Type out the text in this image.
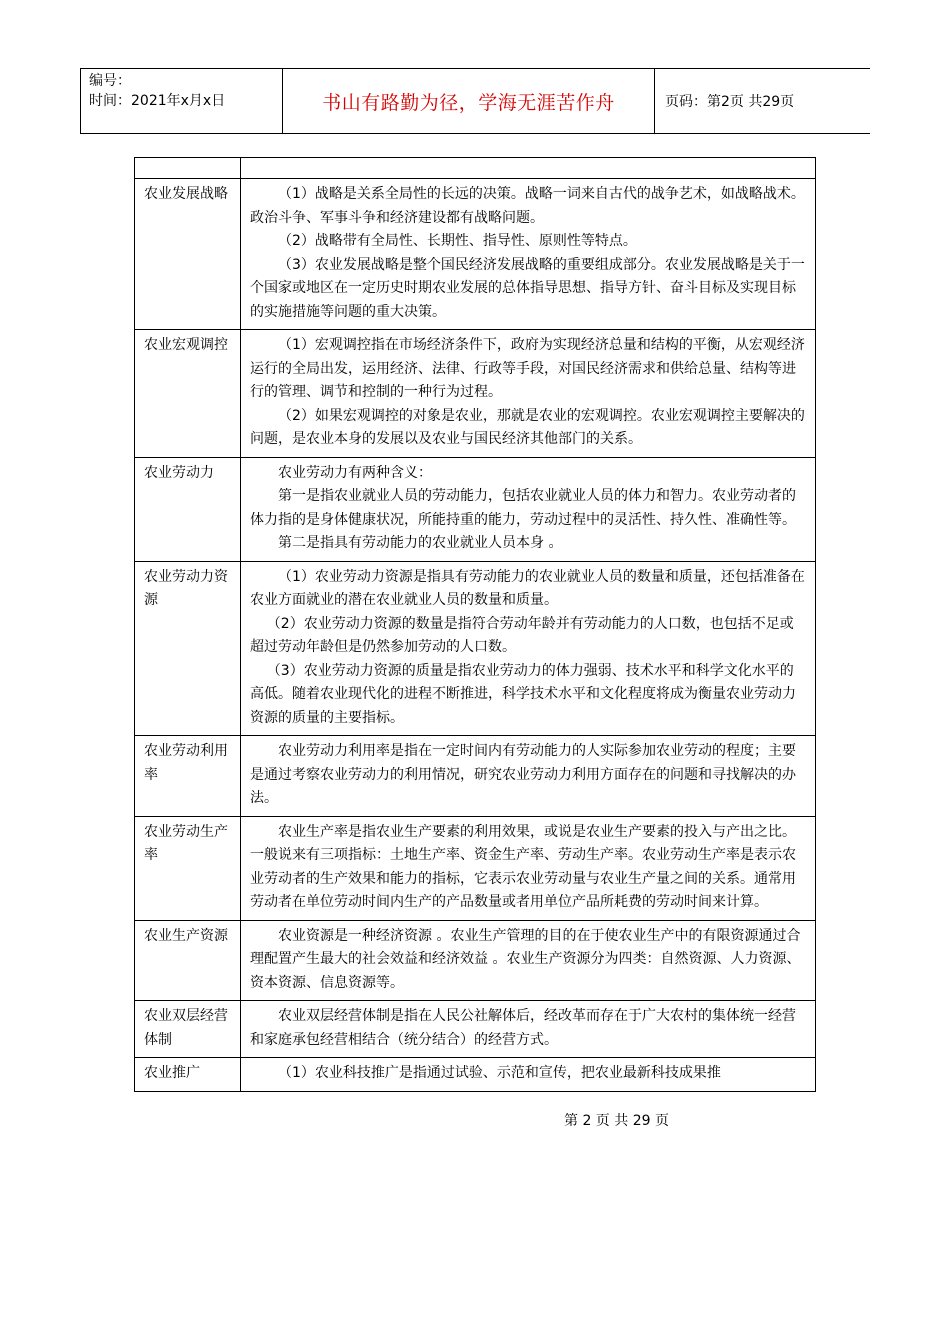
编号：
时间：2021年x月x日	书山有路勤为径，学海无涯苦作舟	页码：第2页 共29页

农业发展战略	（1）战略是关系全局性的长远的决策。战略一词来自古代的战争艺术，如战略战术。政治斗争、军事斗争和经济建设都有战略问题。

（2）战略带有全局性、长期性、指导性、原则性等特点。

（3）农业发展战略是整个国民经济发展战略的重要组成部分。农业发展战略是关于一个国家或地区在一定历史时期农业发展的总体指导思想、指导方针、奋斗目标及实现目标的实施措施等问题的重大决策。

农业宏观调控	（1）宏观调控指在市场经济条件下，政府为实现经济总量和结构的平衡，从宏观经济运行的全局出发，运用经济、法律、行政等手段，对国民经济需求和供给总量、结构等进行的管理、调节和控制的一种行为过程。

（2）如果宏观调控的对象是农业，那就是农业的宏观调控。农业宏观调控主要解决的问题，是农业本身的发展以及农业与国民经济其他部门的关系。

农业劳动力	农业劳动力有两种含义：

第一是指农业就业人员的劳动能力，包括农业就业人员的体力和智力。农业劳动者的体力指的是身体健康状况，所能持重的能力，劳动过程中的灵活性、持久性、准确性等。

第二是指具有劳动能力的农业就业人员本身 。

农业劳动力资源	（1）农业劳动力资源是指具有劳动能力的农业就业人员的数量和质量，还包括准备在农业方面就业的潜在农业就业人员的数量和质量。

（2）农业劳动力资源的数量是指符合劳动年龄并有劳动能力的人口数，也包括不足或超过劳动年龄但是仍然参加劳动的人口数。

（3）农业劳动力资源的质量是指农业劳动力的体力强弱、技术水平和科学文化水平的高低。随着农业现代化的进程不断推进，科学技术水平和文化程度将成为衡量农业劳动力资源的质量的主要指标。

农业劳动利用率	农业劳动力利用率是指在一定时间内有劳动能力的人实际参加农业劳动的程度；主要是通过考察农业劳动力的利用情况，研究农业劳动力利用方面存在的问题和寻找解决的办法。

农业劳动生产率	农业生产率是指农业生产要素的利用效果，或说是农业生产要素的投入与产出之比。一般说来有三项指标：土地生产率、资金生产率、劳动生产率。农业劳动生产率是表示农业劳动者的生产效果和能力的指标，它表示农业劳动量与农业生产量之间的关系。通常用劳动者在单位劳动时间内生产的产品数量或者用单位产品所耗费的劳动时间来计算。

农业生产资源	农业资源是一种经济资源 。农业生产管理的目的在于使农业生产中的有限资源通过合理配置产生最大的社会效益和经济效益 。农业生产资源分为四类：自然资源、人力资源、资本资源、信息资源等。

农业双层经营体制	农业双层经营体制是指在人民公社解体后，经改革而存在于广大农村的集体统一经营和家庭承包经营相结合（统分结合）的经营方式。

农业推广	（1）农业科技推广是指通过试验、示范和宣传，把农业最新科技成果推

第 2 页 共 29 页
